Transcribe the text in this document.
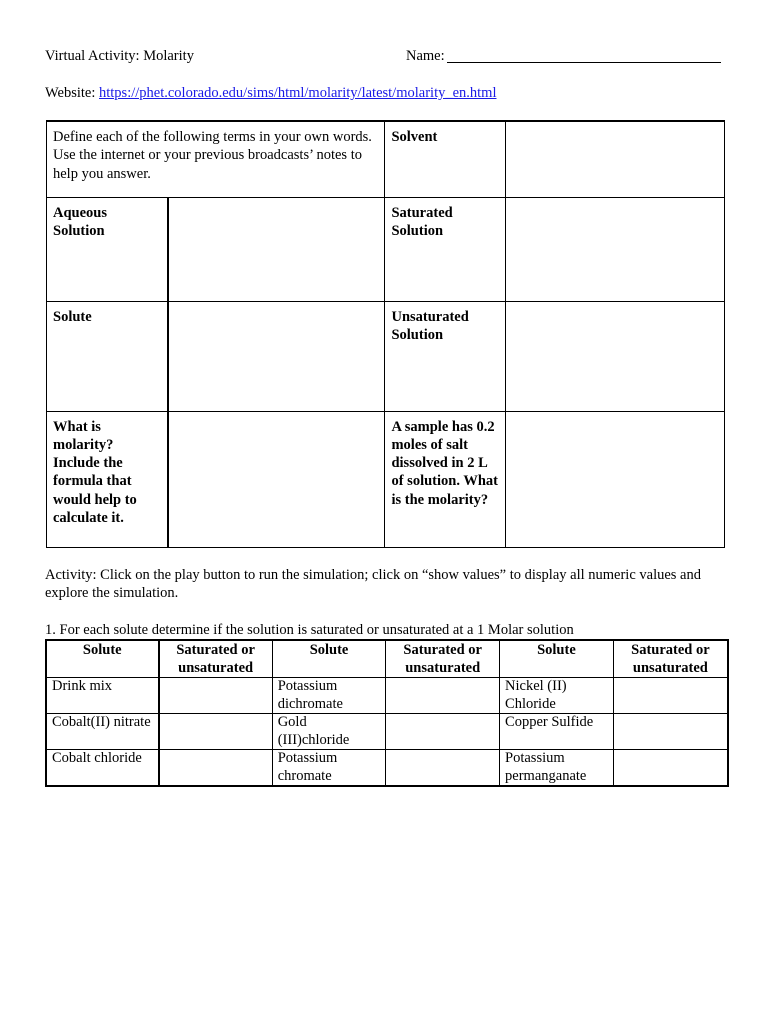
Virtual Activity: Molarity	Name:
Website: https://phet.colorado.edu/sims/html/molarity/latest/molarity_en.html
Define each of the following terms in your own words. Use the internet or your previous broadcasts’ notes to help you answer.		Solvent	
Aqueous Solution		Saturated Solution	
Solute		Unsaturated Solution	
What is molarity? Include the formula that would help to calculate it.		A sample has 0.2 moles of salt dissolved in 2 L of solution. What is the molarity?	
Activity: Click on the play button to run the simulation; click on “show values” to display all numeric values and explore the simulation.
1. For each solute determine if the solution is saturated or unsaturated at a 1 Molar solution
Solute	Saturated or unsaturated	Solute	Saturated or unsaturated	Solute	Saturated or unsaturated
Drink mix		Potassium dichromate		Nickel (II) Chloride	
Cobalt(II) nitrate		Gold (III)chloride		Copper Sulfide	
Cobalt chloride		Potassium chromate		Potassium permanganate	
